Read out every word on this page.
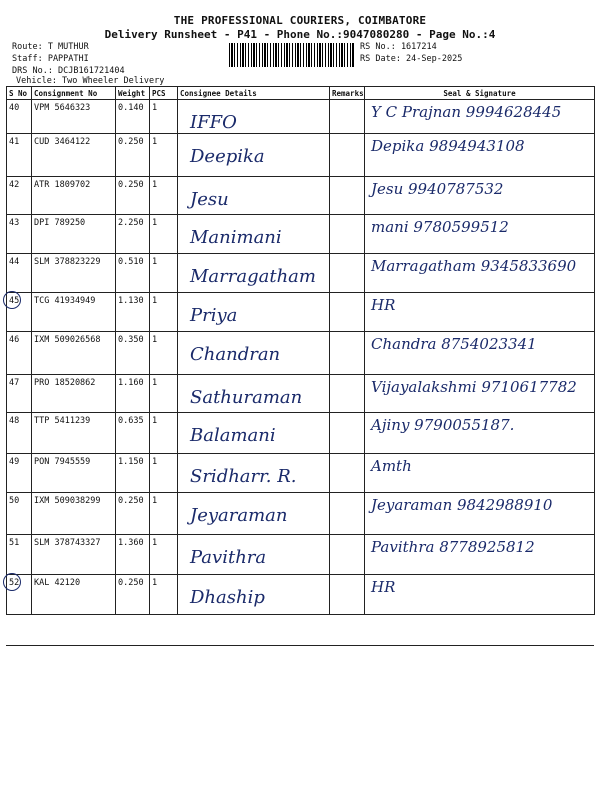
THE PROFESSIONAL COURIERS, COIMBATORE
Delivery Runsheet - P41 - Phone No.:9047080280 - Page No.:4
Route: T MUTHUR
Staff: PAPPATHI
DRS No.: DCJB161721404
Vehicle: Two Wheeler Delivery
RS No.: 1617214
RS Date: 24-Sep-2025
S No	Consignment No	Weight	PCS	Consignee Details	Remarks	Seal & Signature
40	VPM 5646323	0.140	1	IFFO		Y C Prajnan 9994628445

41	CUD 3464122	0.250	1	Deepika		Depika 9894943108

42	ATR 1809702	0.250	1	Jesu		Jesu 9940787532

43	DPI 789250	2.250	1	Manimani		mani 9780599512

44	SLM 378823229	0.510	1	Marragatham		Marragatham 9345833690

45	TCG 41934949	1.130	1	Priya		HR

46	IXM 509026568	0.350	1	Chandran		Chandra 8754023341

47	PRO 18520862	1.160	1	Sathuraman		Vijayalakshmi 9710617782

48	TTP 5411239	0.635	1	Balamani		Ajiny 9790055187.

49	PON 7945559	1.150	1	Sridharr. R.		Amth

50	IXM 509038299	0.250	1	Jeyaraman		Jeyaraman 9842988910

51	SLM 378743327	1.360	1	Pavithra		Pavithra 8778925812

52	KAL 42120	0.250	1	Dhaship		HR
